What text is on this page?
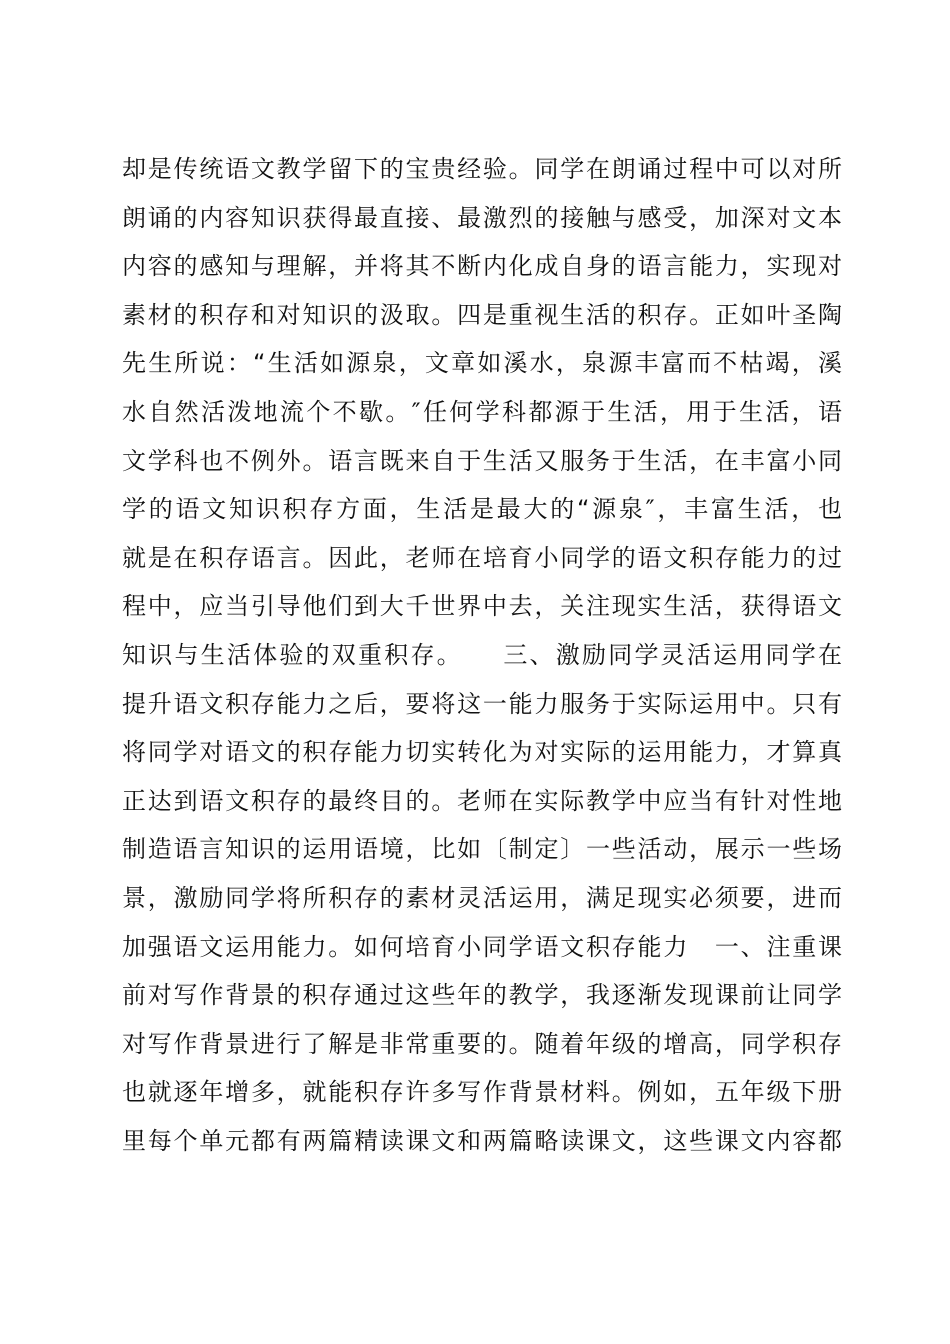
却是传统语文教学留下的宝贵经验。同学在朗诵过程中可以对所
朗诵的内容知识获得最直接、最激烈的接触与感受，加深对文本
内容的感知与理解，并将其不断内化成自身的语言能力，实现对
素材的积存和对知识的汲取。四是重视生活的积存。正如叶圣陶
先生所说：“生活如源泉，文章如溪水，泉源丰富而不枯竭，溪
水自然活泼地流个不歇。″任何学科都源于生活，用于生活，语
文学科也不例外。语言既来自于生活又服务于生活，在丰富小同
学的语文知识积存方面，生活是最大的“源泉″，丰富生活，也
就是在积存语言。因此，老师在培育小同学的语文积存能力的过
程中，应当引导他们到大千世界中去，关注现实生活，获得语文
知识与生活体验的双重积存。　　三、激励同学灵活运用同学在
提升语文积存能力之后，要将这一能力服务于实际运用中。只有
将同学对语文的积存能力切实转化为对实际的运用能力，才算真
正达到语文积存的最终目的。老师在实际教学中应当有针对性地
制造语言知识的运用语境，比如〔制定〕一些活动，展示一些场
景，激励同学将所积存的素材灵活运用，满足现实必须要，进而
加强语文运用能力。如何培育小同学语文积存能力　一、注重课
前对写作背景的积存通过这些年的教学，我逐渐发现课前让同学
对写作背景进行了解是非常重要的。随着年级的增高，同学积存
也就逐年增多，就能积存许多写作背景材料。例如，五年级下册
里每个单元都有两篇精读课文和两篇略读课文，这些课文内容都
